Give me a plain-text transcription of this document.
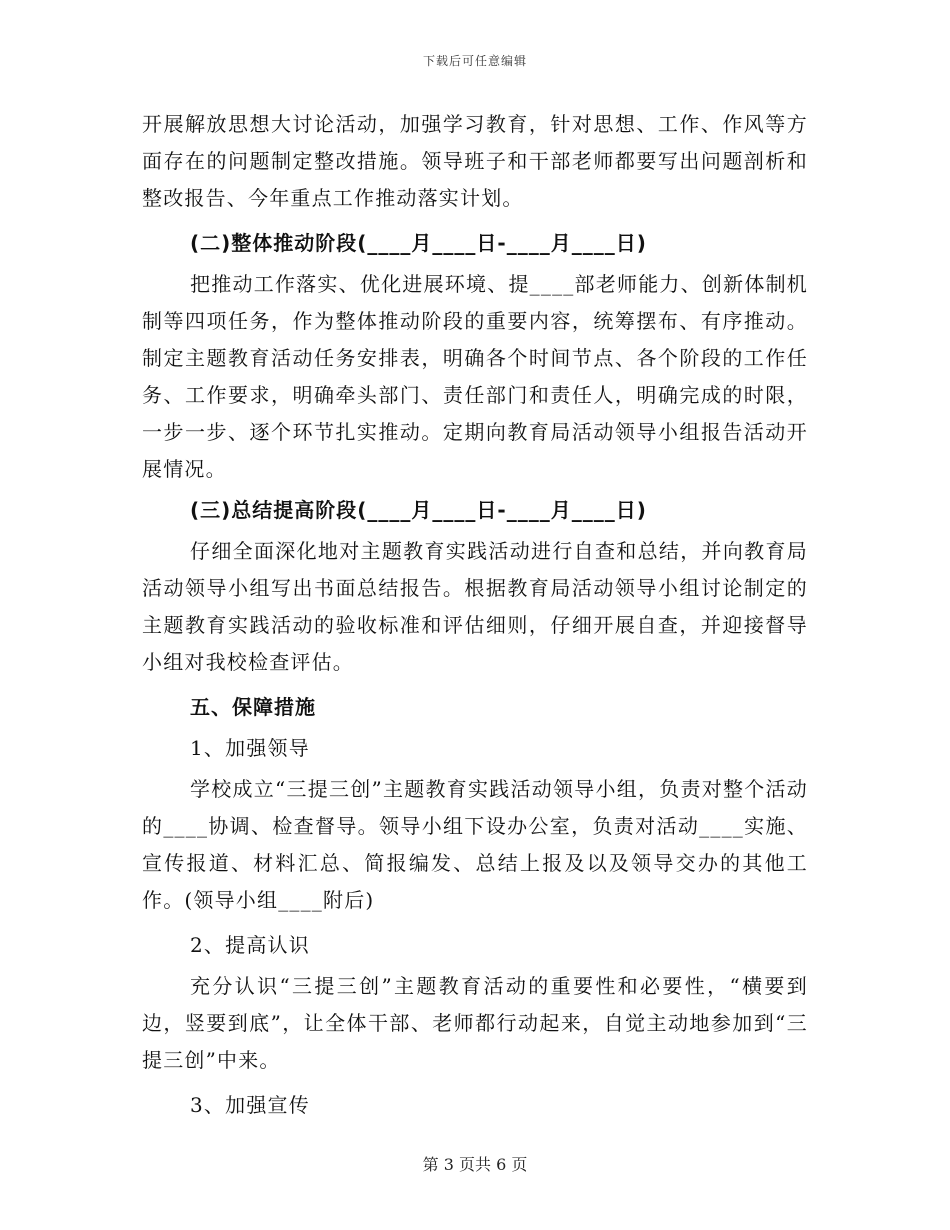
下载后可任意编辑

开展解放思想大讨论活动，加强学习教育，针对思想、工作、作风等方面存在的问题制定整改措施。领导班子和干部老师都要写出问题剖析和整改报告、今年重点工作推动落实计划。

(二)整体推动阶段(____月____日-____月____日)

把推动工作落实、优化进展环境、提____部老师能力、创新体制机制等四项任务，作为整体推动阶段的重要内容，统筹摆布、有序推动。制定主题教育活动任务安排表，明确各个时间节点、各个阶段的工作任务、工作要求，明确牵头部门、责任部门和责任人，明确完成的时限，一步一步、逐个环节扎实推动。定期向教育局活动领导小组报告活动开展情况。

(三)总结提高阶段(____月____日-____月____日)

仔细全面深化地对主题教育实践活动进行自查和总结，并向教育局活动领导小组写出书面总结报告。根据教育局活动领导小组讨论制定的主题教育实践活动的验收标准和评估细则，仔细开展自查，并迎接督导小组对我校检查评估。

五、保障措施

1、加强领导

学校成立“三提三创”主题教育实践活动领导小组，负责对整个活动的____协调、检查督导。领导小组下设办公室，负责对活动____实施、宣传报道、材料汇总、简报编发、总结上报及以及领导交办的其他工作。(领导小组____附后)

2、提高认识

充分认识“三提三创”主题教育活动的重要性和必要性，“横要到边，竖要到底”，让全体干部、老师都行动起来，自觉主动地参加到“三提三创”中来。

3、加强宣传

第 3 页共 6 页
